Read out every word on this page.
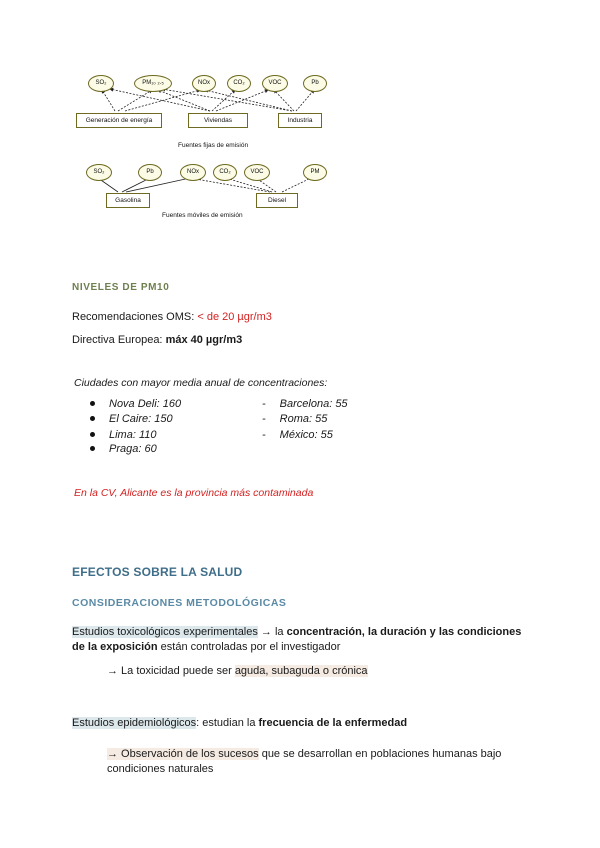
SO₂	PM₁₀ ₂.₅	NOx	CO₂	VOC	Pb
Generación de energía	Viviendas	Industria
Fuentes fijas de emisión
SO₂	Pb	NOx	CO₂	VOC	PM
Gasolina	Diesel
Fuentes móviles de emisión
NIVELES DE PM10
Recomendaciones OMS: < de 20 µgr/m3
Directiva Europea: máx 40 µgr/m3
Ciudades con mayor media anual de concentraciones:
Nova Deli: 160
El Caire: 150
Lima: 110
Praga: 60
- Barcelona: 55
- Roma: 55
- México: 55
En la CV, Alicante es la provincia más contaminada
EFECTOS SOBRE LA SALUD
CONSIDERACIONES METODOLÓGICAS
Estudios toxicológicos experimentales → la concentración, la duración y las condiciones
de la exposición están controladas por el investigador
→ La toxicidad puede ser aguda, subaguda o crónica
Estudios epidemiológicos: estudian la frecuencia de la enfermedad
→ Observación de los sucesos que se desarrollan en poblaciones humanas bajo
condiciones naturales
